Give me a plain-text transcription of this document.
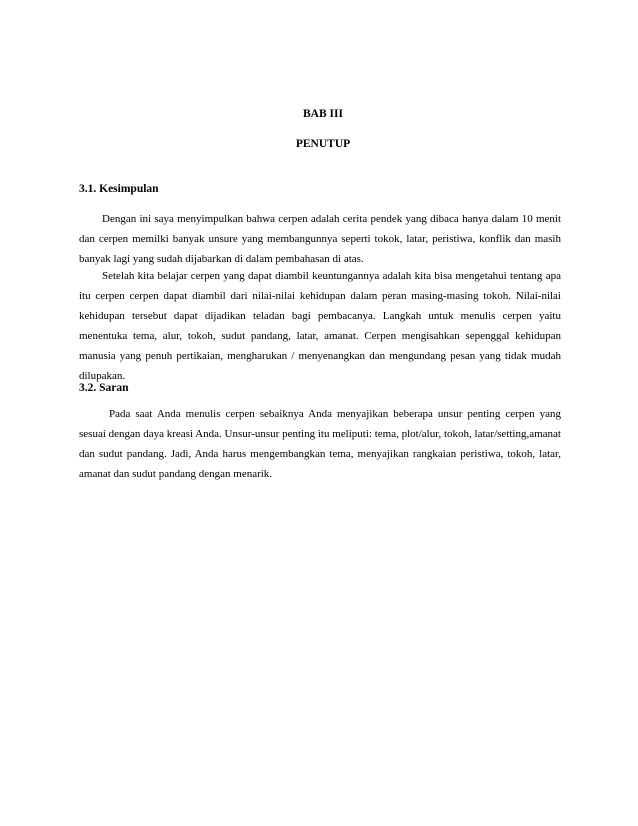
BAB III
PENUTUP
3.1. Kesimpulan

Dengan ini saya menyimpulkan bahwa cerpen adalah cerita pendek yang dibaca hanya dalam 10 menit dan cerpen memilki banyak unsure yang membangunnya seperti tokok, latar, peristiwa, konflik dan masih banyak lagi yang sudah dijabarkan di dalam pembahasan di atas.

Setelah kita belajar cerpen yang dapat diambil keuntungannya adalah kita bisa mengetahui tentang apa itu cerpen cerpen dapat diambil dari nilai-nilai kehidupan dalam peran masing-masing tokoh. Nilai-nilai kehidupan tersebut dapat dijadikan teladan bagi pembacanya. Langkah untuk menulis cerpen yaitu menentuka tema, alur, tokoh, sudut pandang, latar, amanat. Cerpen mengisahkan sepenggal kehidupan manusia yang penuh pertikaian, mengharukan / menyenangkan dan mengundang pesan yang tidak mudah dilupakan.

3.2. Saran

Pada saat Anda menulis cerpen sebaiknya Anda menyajikan beberapa unsur penting cerpen yang sesuai dengan daya kreasi Anda. Unsur-unsur penting itu meliputi: tema, plot/alur, tokoh, latar/setting,amanat dan sudut pandang. Jadi, Anda harus mengembangkan tema, menyajikan rangkaian peristiwa, tokoh, latar, amanat dan sudut pandang dengan menarik.
